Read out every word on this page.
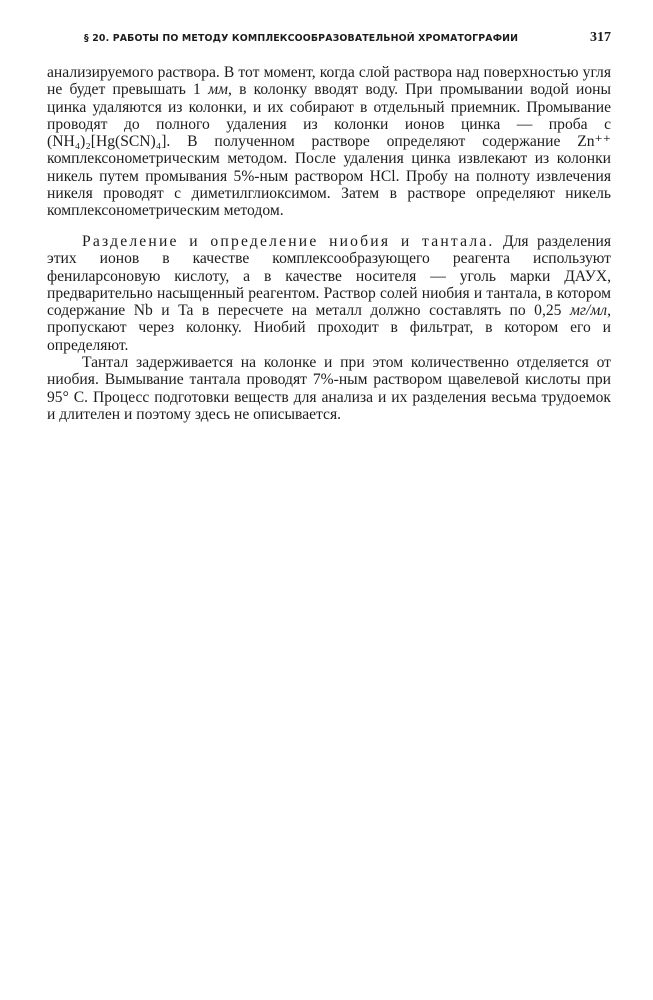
§ 20. РАБОТЫ ПО МЕТОДУ КОМПЛЕКСООБРАЗОВАТЕЛЬНОЙ ХРОМАТОГРАФИИ	317

анализируемого раствора. В тот момент, когда слой раствора над поверхностью угля не будет превышать 1 мм, в колонку вводят воду. При промывании водой ионы цинка удаляются из колонки, и их собирают в отдельный приемник. Промывание проводят до полного удаления из колонки ионов цинка — проба с (NH₄)₂[Hg(SCN)₄]. В полученном растворе определяют содержание Zn⁺⁺ комплексонометрическим методом. После удаления цинка извлекают из колонки никель путем промывания 5%-ным раствором HCl. Пробу на полноту извлечения никеля проводят с диметилглиоксимом. Затем в растворе определяют никель комплексонометрическим методом.

Разделение и определение ниобия и тантала. Для разделения этих ионов в качестве комплексообразующего реагента используют фениларсоновую кислоту, а в качестве носителя — уголь марки ДАУХ, предварительно насыщенный реагентом. Раствор солей ниобия и тантала, в котором содержание Nb и Ta в пересчете на металл должно составлять по 0,25 мг/мл, пропускают через колонку. Ниобий проходит в фильтрат, в котором его и определяют.

Тантал задерживается на колонке и при этом количественно отделяется от ниобия. Вымывание тантала проводят 7%-ным раствором щавелевой кислоты при 95° С. Процесс подготовки веществ для анализа и их разделения весьма трудоемок и длителен и поэтому здесь не описывается.
